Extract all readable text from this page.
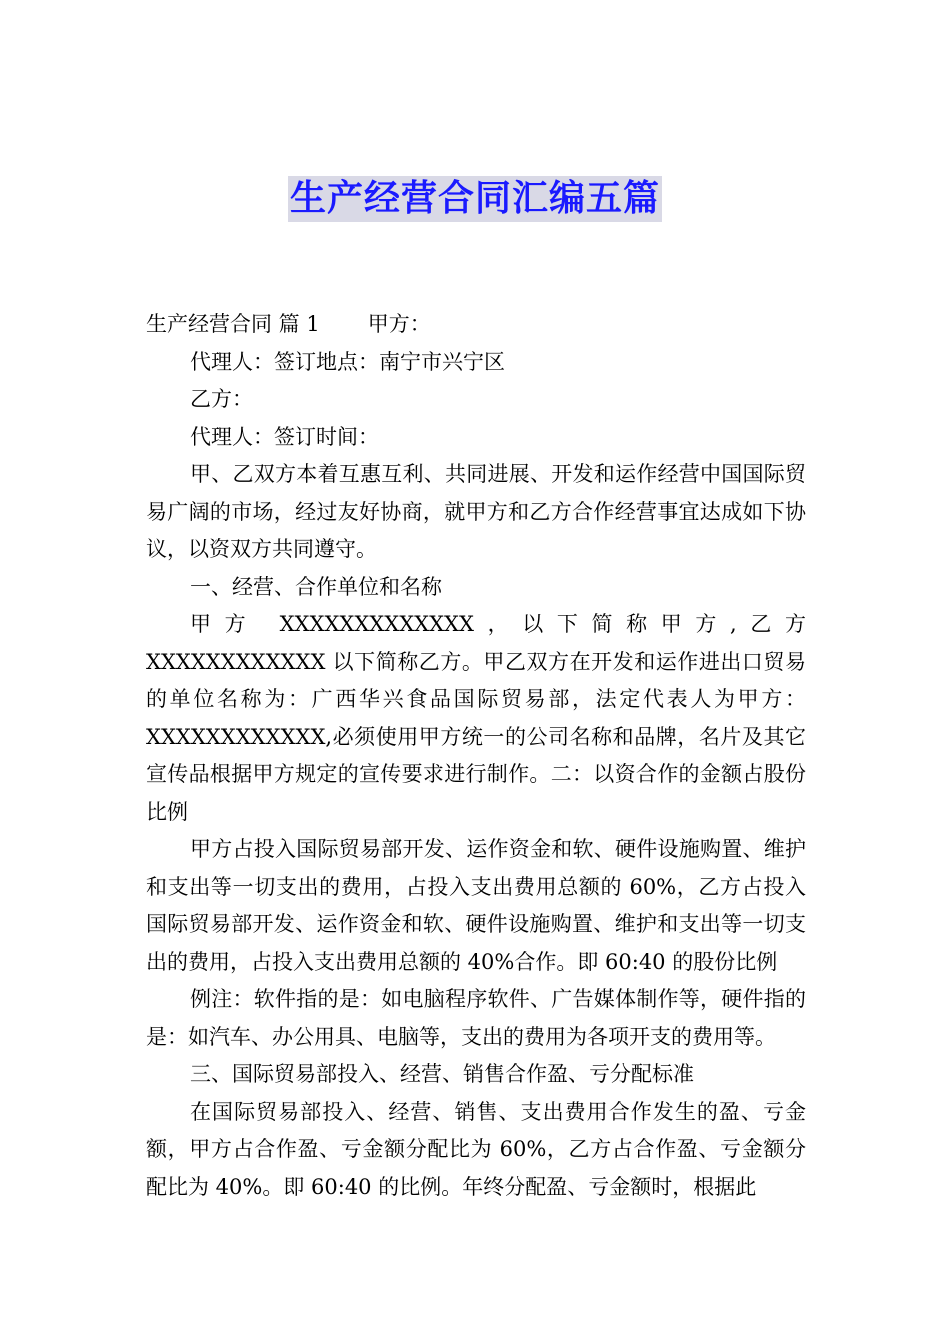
生产经营合同汇编五篇

生产经营合同 篇 1 甲方：

代理人：签订地点：南宁市兴宁区

乙方：

代理人：签订时间：

甲、乙双方本着互惠互利、共同进展、开发和运作经营中国国际贸易广阔的市场，经过友好协商，就甲方和乙方合作经营事宜达成如下协议，以资双方共同遵守。

一、经营、合作单位和名称

甲方 XXXXXXXXXXXXX，以下简称甲方,乙方 XXXXXXXXXXXX 以下简称乙方。甲乙双方在开发和运作进出口贸易的单位名称为：广西华兴食品国际贸易部，法定代表人为甲方：XXXXXXXXXXXX,必须使用甲方统一的公司名称和品牌，名片及其它宣传品根据甲方规定的宣传要求进行制作。二：以资合作的金额占股份比例

甲方占投入国际贸易部开发、运作资金和软、硬件设施购置、维护和支出等一切支出的费用，占投入支出费用总额的 60%，乙方占投入国际贸易部开发、运作资金和软、硬件设施购置、维护和支出等一切支出的费用，占投入支出费用总额的 40%合作。即 60:40 的股份比例

例注：软件指的是：如电脑程序软件、广告媒体制作等，硬件指的是：如汽车、办公用具、电脑等，支出的费用为各项开支的费用等。

三、国际贸易部投入、经营、销售合作盈、亏分配标准

在国际贸易部投入、经营、销售、支出费用合作发生的盈、亏金额，甲方占合作盈、亏金额分配比为 60%，乙方占合作盈、亏金额分配比为 40%。即 60:40 的比例。年终分配盈、亏金额时，根据此
